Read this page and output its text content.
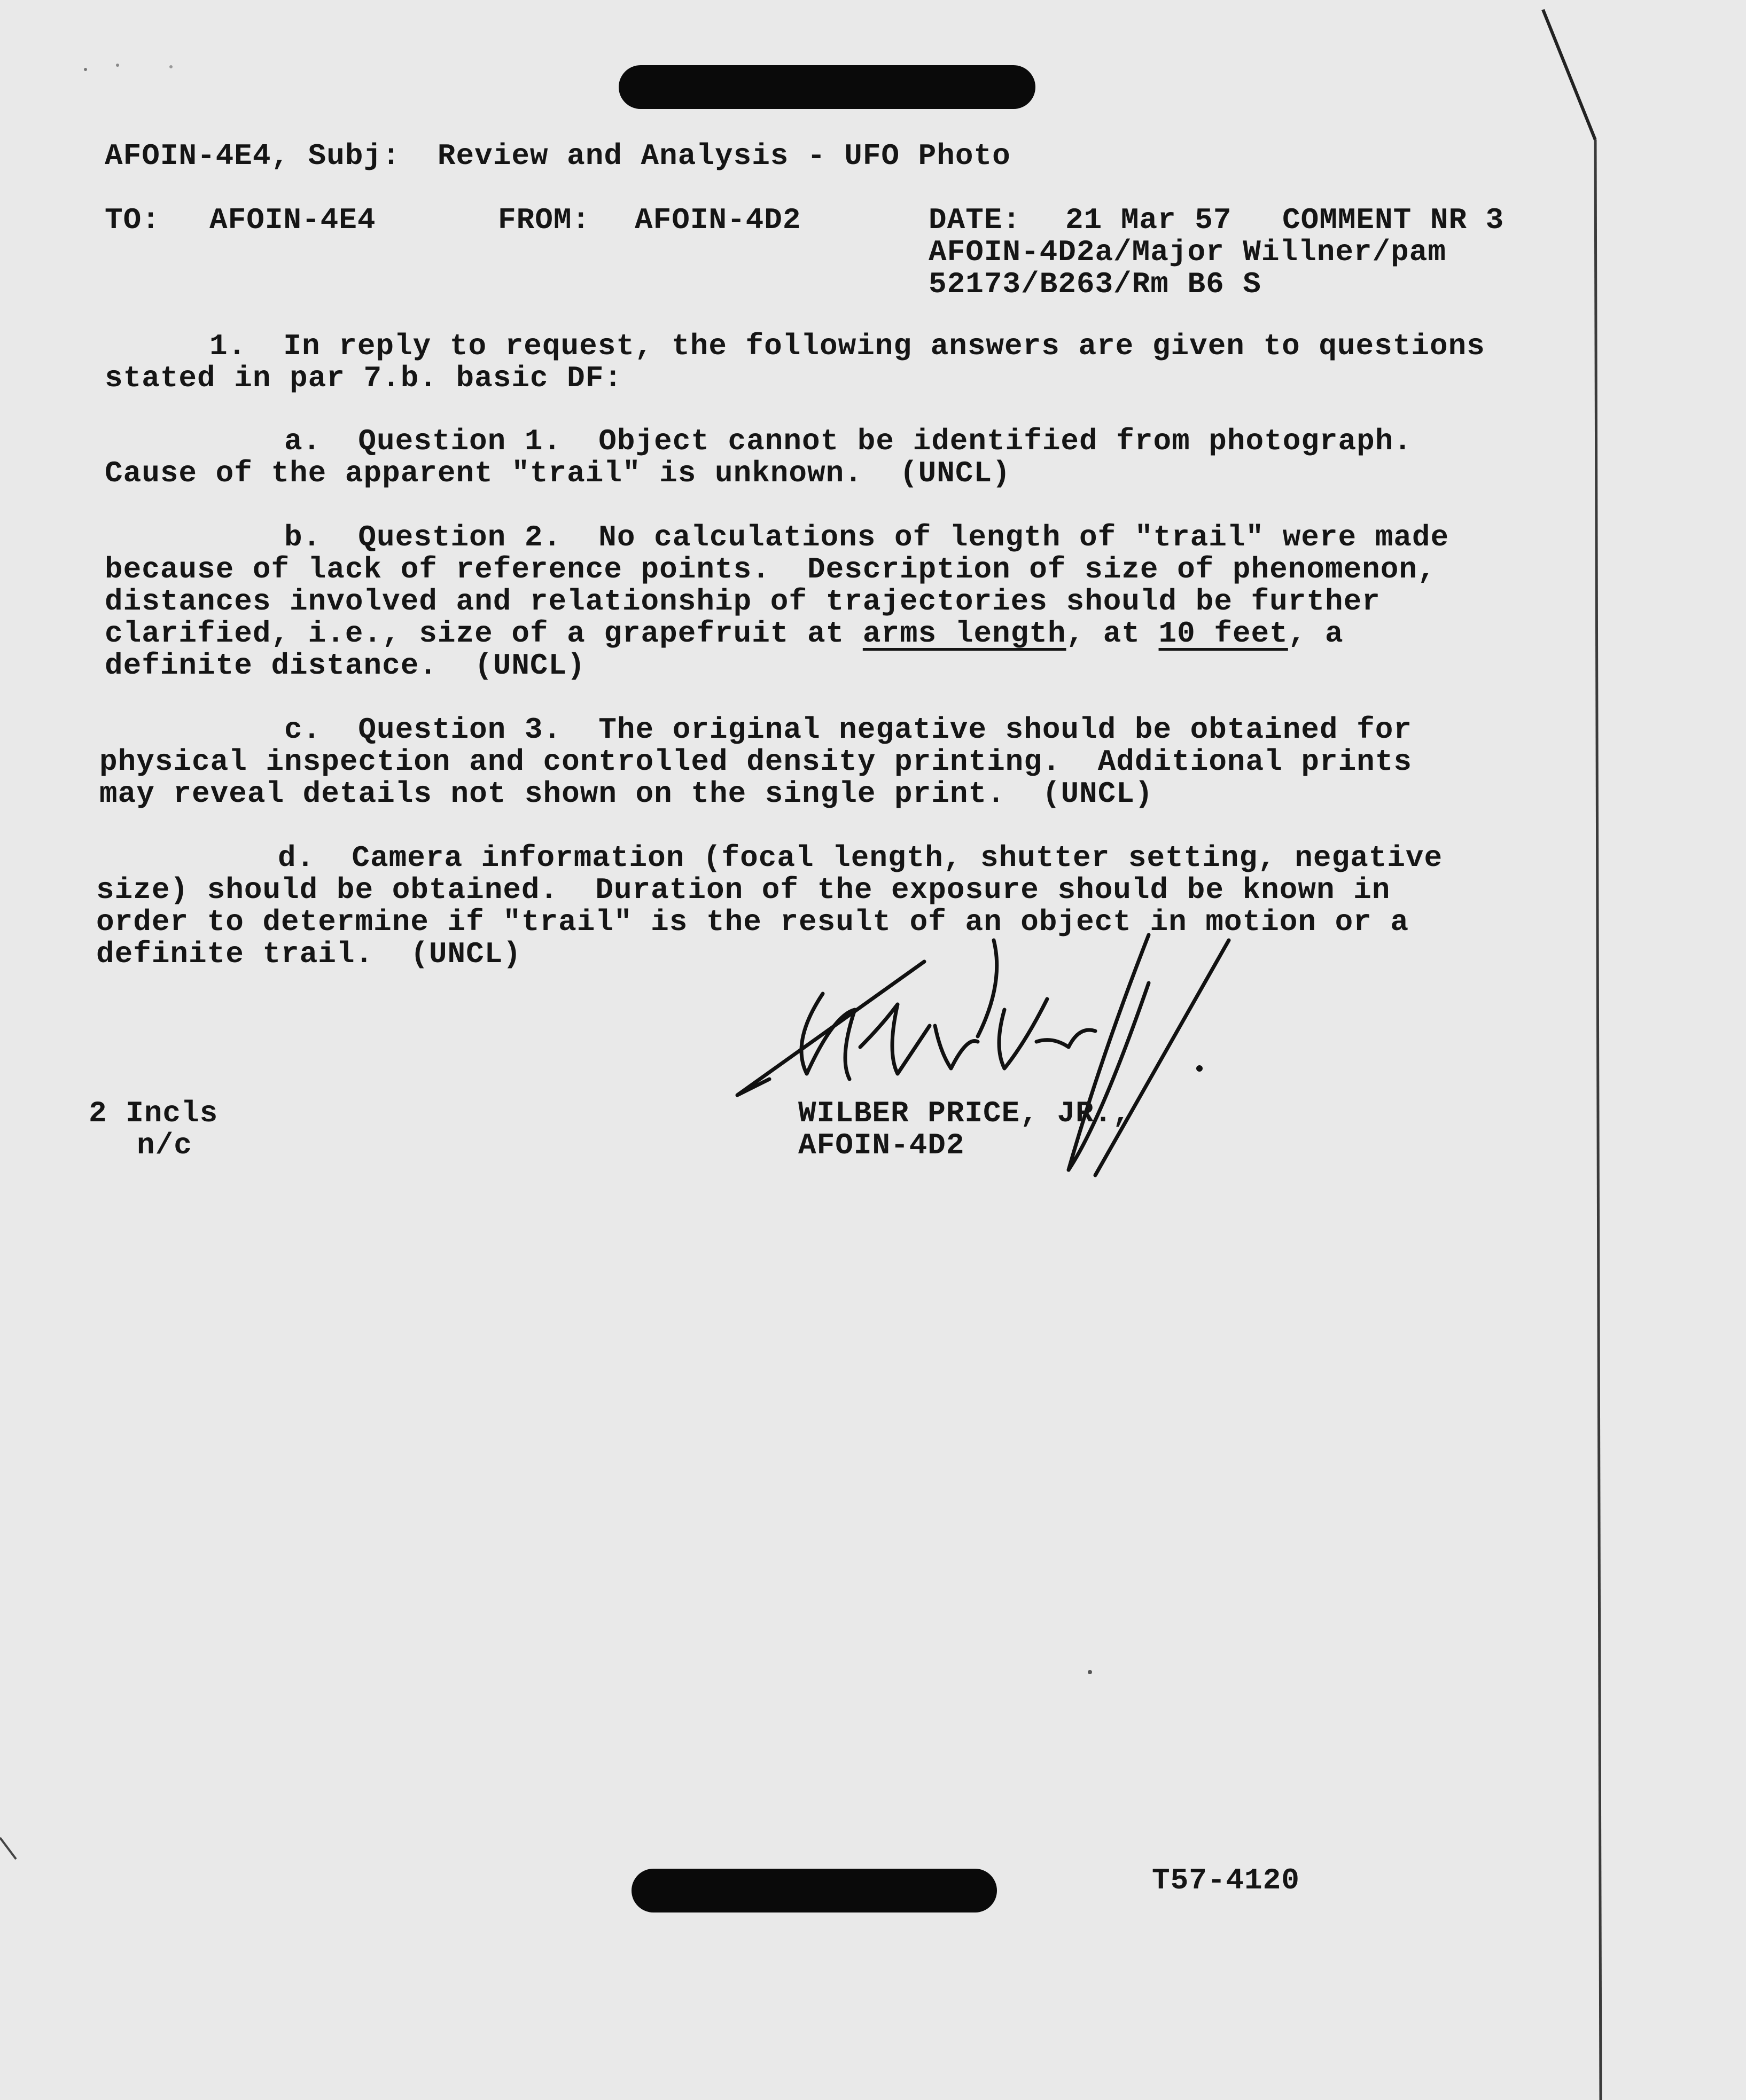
AFOIN-4E4, Subj:  Review and Analysis - UFO Photo
TO: AFOIN-4E4	FROM: AFOIN-4D2	DATE: 21 Mar 57 COMMENT NR 3
AFOIN-4D2a/Major Willner/pam
52173/B263/Rm B6 S
1.  In reply to request, the following answers are given to questions
stated in par 7.b. basic DF:
a.  Question 1.  Object cannot be identified from photograph.
Cause of the apparent "trail" is unknown.  (UNCL)
b.  Question 2.  No calculations of length of "trail" were made
because of lack of reference points.  Description of size of phenomenon,
distances involved and relationship of trajectories should be further
clarified, i.e., size of a grapefruit at arms length, at 10 feet, a
definite distance.  (UNCL)
c.  Question 3.  The original negative should be obtained for
physical inspection and controlled density printing.  Additional prints
may reveal details not shown on the single print.  (UNCL)
d.  Camera information (focal length, shutter setting, negative
size) should be obtained.  Duration of the exposure should be known in
order to determine if "trail" is the result of an object in motion or a
definite trail.  (UNCL)
2 Incls
n/c
WILBER PRICE, JR.,
AFOIN-4D2
T57-4120
